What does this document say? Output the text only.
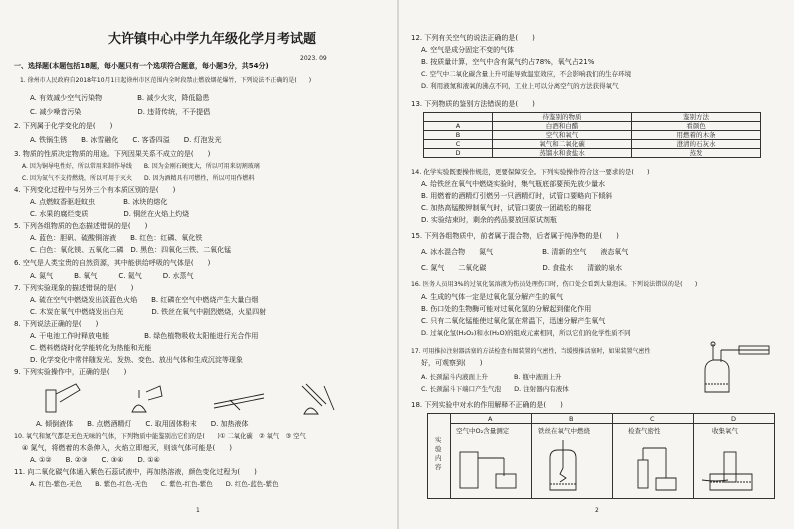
大许镇中心中学九年级化学月考试题
2023. 09
一、选择题(本题包括18题，每小题只有一个选项符合题意，每小题3分，共54分)
1. 徐州市人民政府自2018年10月1日起徐州市区范围内全时段禁止燃放烟花爆竹，下列说法不正确的是(　　)
A. 有效减少空气污染物　　　　　B. 减少火灾，降低隐患
C. 减少噪音污染　　　　　　　　D. 违背传统，不予提倡
2. 下列属于化学变化的是(　　)
A. 铁锅生锈　　B. 冰雪融化　　C. 客香四溢　　D. 灯泡发光
3. 物质的性质决定物质的用途。下列因果关系不成立的是(　　)
A. 因为铜导电性好，所以常用来制作导线　　B. 因为金刚石硬度大，所以可用来切割玻璃
C. 因为氮气不支持燃烧，所以可用于灭火　　D. 因为酒精具有可燃性，所以可用作燃料
4. 下列变化过程中与另外三个有本质区别的是(　　)
A. 点燃蚊香驱赶蚊虫　　　　B. 冰块的熔化
C. 水果的腐烂变质　　　　　D. 铜丝在火焰上灼烧
5. 下列各组物质的色态描述错误的是(　　)
A. 蓝色：胆矾、硫酸铜溶液　　B. 红色：红磷、氧化铁
C. 白色：氧化镁、五氧化二磷　D. 黑色：四氧化三铁、二氧化锰
6. 空气是人类宝贵的自然资源，其中能供给呼吸的气体是(　　)
A. 氮气　　　B. 氧气　　　C. 氦气　　　D. 水蒸气
7. 下列实验现象的描述错误的是(　　)
A. 硫在空气中燃烧发出淡蓝色火焰　　B. 红磷在空气中燃烧产生大量白烟
C. 木炭在氧气中燃烧发出白光　　　　D. 铁丝在氧气中剧烈燃烧，火星四射
8. 下列说法正确的是(　　)
A. 干电池工作时释放电能　　　　　B. 绿色植物吸收太阳能进行光合作用
C. 燃料燃烧时化学能转化为热能和光能
D. 化学变化中常伴随发光、发热、变色、放出气体和生成沉淀等现象
9. 下列实验操作中，正确的是(　　)
A. 倾倒液体　　B. 点燃酒精灯　　C. 取用固体粉末　　D. 加热液体
10. 氧气和氮气都是无色无味的气体，下列物质中能鉴别出它们的是(　　)① 二氧化碳　② 氧气　③ 空气
④ 氮气，将燃着的木条伸入，火焰立即熄灭，则该气体可能是(　　)
A. ①②　　B. ②③　　C. ③④　　D. ①④
11. 向二氧化碳气体通入紫色石蕊试液中，再加热溶液，颜色变化过程为(　　)
A. 红色-紫色-无色　　B. 紫色-红色-无色　　C. 紫色-红色-紫色　　D. 红色-蓝色-紫色
1
12. 下列有关空气的说法正确的是(　　)
A. 空气是成分固定不变的气体
B. 按质量计算，空气中含有氮气约占78%，氧气占21%
C. 空气中二氧化碳含量上升可能导致温室效应，不会影响我们的生存环境
D. 利用液氮和液氧的沸点不同，工业上可以分离空气的方法获得氧气
13. 下列物质的鉴别方法错误的是(　　)
	待鉴别的物质	鉴别方法
A	白酒和白醋	看颜色
B	空气和氧气	用燃着的木条
C	氧气和二氧化碳	澄清的石灰水
D	蒸馏水和食盐水	蒸发
14. 化学实验既要操作规范，更要保障安全。下列实验操作符合这一要求的是(　　)
A. 给铁丝在氧气中燃烧实验时，集气瓶底部要预先放少量水
B. 用燃着的酒精灯引燃另一只酒精灯时，试管口要略向下倾斜
C. 加热高锰酸钾制氧气时，试管口要放一团疏松的棉花
D. 实验结束时，剩余的药品要放回原试剂瓶
15. 下列各组物质中，前者属于混合物，后者属于纯净物的是(　　)
A. 冰水混合物　　氮气　　　　　　　B. 清新的空气　　液态氧气
C. 氮气　　二氧化碳　　　　　　　　D. 食盐水　　清澈的泉水
16. 医务人员用3%的过氧化氢溶液为伤员处理伤口时，伤口处会看到大量泡沫。下列说法错误的是(　　)
A. 生成的气体一定是过氧化氢分解产生的氧气
B. 伤口处的生物酶可能对过氧化氢的分解起到催化作用
C. 只有二氧化锰能使过氧化氢在常温下，迅速分解产生氧气
D. 过氧化氢(H₂O₂)和水(H₂O)的组成元素相同，所以它们的化学性质不同
17. 可用推拉注射器活塞的方法检查右图装置的气密性，当缓慢推活塞时，如果装置气密性
好，可观察到(　　)
A. 长颈漏斗内液面上升　　　　B. 瓶中液面上升
C. 长颈漏斗下端口产生气泡　　D. 注射器内有液体
18. 下列实验中对水的作用解释不正确的是(　　)
实验内容
A	B	C	D
空气中O₂含量测定	铁丝在氧气中燃烧	检查气密性	收集氧气
2
